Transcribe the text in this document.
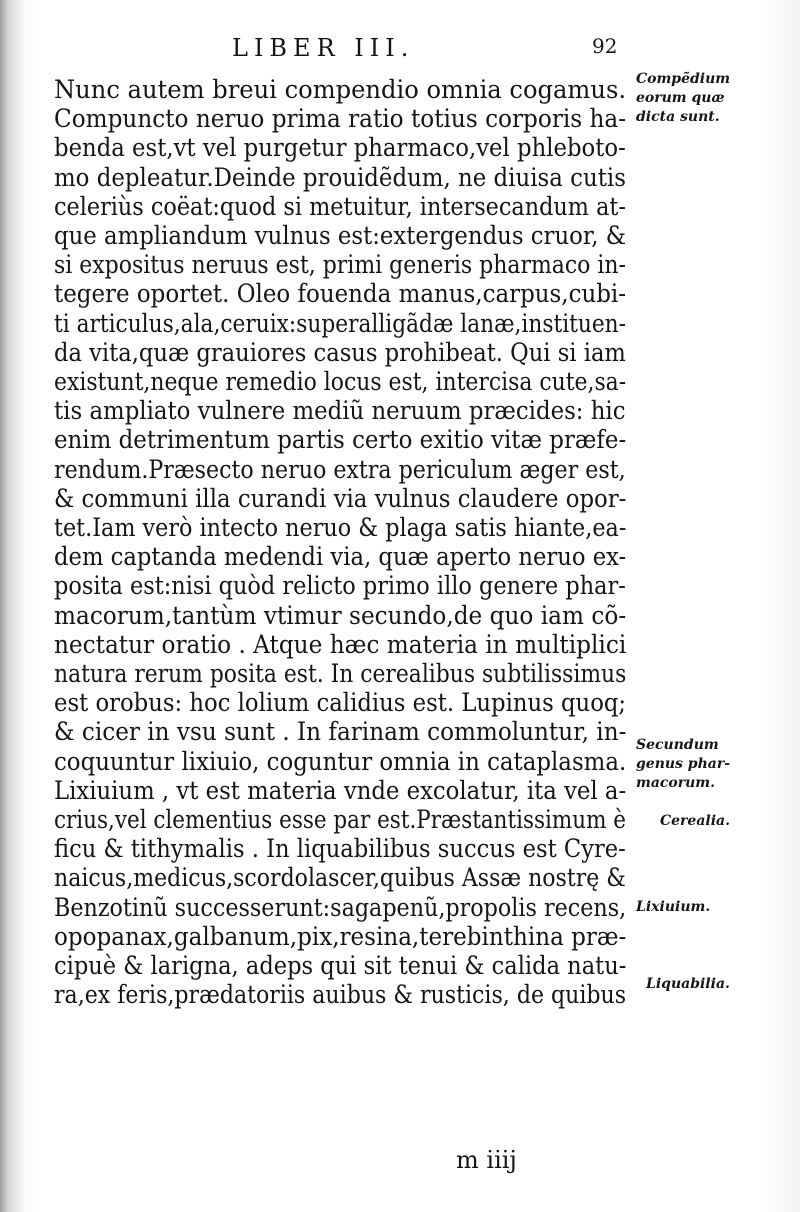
LIBER III.	92
Nunc autem breui compendio omnia cogamus.
Compuncto neruo prima ratio totius corporis ha-
benda est,vt vel purgetur pharmaco,vel phlebotо-
mo depleatur.Deinde prouidẽdum, ne diuisa cutis
celeriùs coëat:quod si metuitur, intersecandum at-
que ampliandum vulnus est:extergendus cruor, &
si expositus neruus est, primi generis pharmaco in-
tegere oportet. Oleo fouenda manus,carpus,cubi-
ti articulus,ala,ceruix:superalligãdæ lanæ,instituen-
da vita,quæ grauiores casus prohibeat. Qui si iam
existunt,neque remedio locus est, intercisa cute,sa-
tis ampliato vulnere mediũ neruum præcides: hic
enim detrimentum partis certo exitio vitæ præfe-
rendum.Præsecto neruo extra periculum æger est,
& communi illa curandi via vulnus claudere opor-
tet.Iam verò intecto neruo & plaga satis hiante,ea-
dem captanda medendi via, quæ aperto neruo ex-
posita est:nisi quòd relicto primo illo genere phar-
macorum,tantùm vtimur secundo,de quo iam cõ-
nectatur oratio . Atque hæc materia in multiplici
natura rerum posita est. In cerealibus subtilissimus
est orobus: hoc lolium calidius est. Lupinus quoq;
& cicer in vsu sunt . In farinam commoluntur, in-
coquuntur lixiuio, coguntur omnia in cataplasma.
Lixiuium , vt est materia vnde excolatur, ita vel a-
crius,vel clementius esse par est.Præstantissimum è
ficu & tithymalis . In liquabilibus succus est Cyre-
naicus,medicus,scordolascer,quibus Assæ nostrę &
Benzotinũ successerunt:sagapenũ,propolis recens,
opopanax,galbanum,pix,resina,terebinthina præ-
cipuè & larigna, adeps qui sit tenui & calida natu-
ra,ex feris,prædatoriis auibus & rusticis, de quibus
Compẽdium
eorum quæ
dicta sunt.
Secundum
genus phar-
macorum.
Cerealia.
Lixiuium.
Liquabilia.
m iiij
